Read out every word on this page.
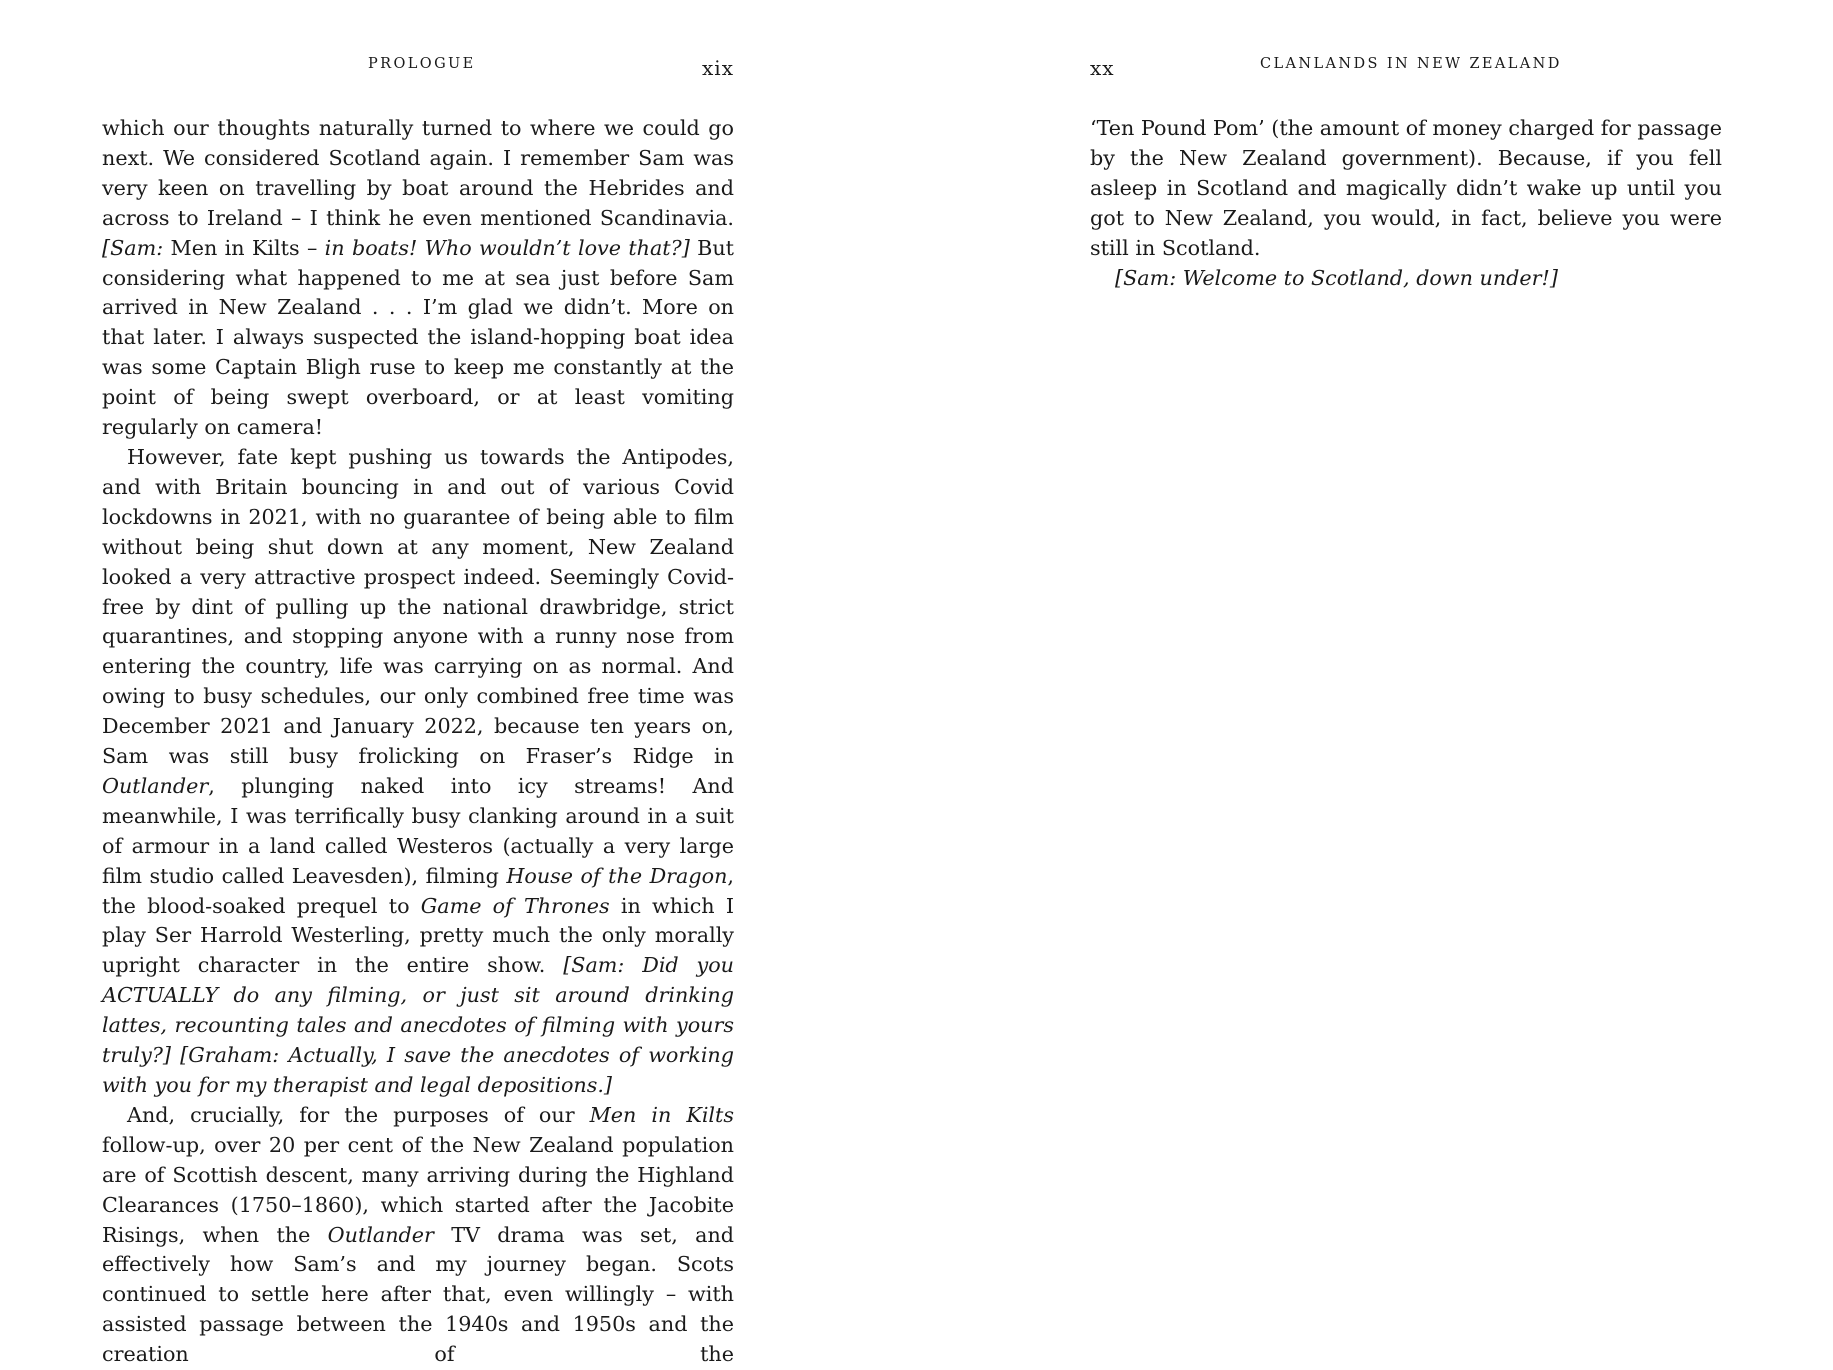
PROLOGUE	xix

which our thoughts naturally turned to where we could go next. We considered Scotland again. I remember Sam was very keen on travelling by boat around the Hebrides and across to Ireland – I think he even mentioned Scandinavia. [Sam: Men in Kilts – in boats! Who wouldn’t love that?] But considering what happened to me at sea just before Sam arrived in New Zealand . . . I’m glad we didn’t. More on that later. I always suspected the island-hopping boat idea was some Captain Bligh ruse to keep me constantly at the point of being swept overboard, or at least vomiting regularly on camera!

However, fate kept pushing us towards the Antipodes, and with Britain bouncing in and out of various Covid lockdowns in 2021, with no guarantee of being able to film without being shut down at any moment, New Zealand looked a very attractive prospect indeed. Seemingly Covid-free by dint of pulling up the national drawbridge, strict quarantines, and stopping anyone with a runny nose from entering the country, life was carrying on as normal. And owing to busy schedules, our only combined free time was December 2021 and January 2022, because ten years on, Sam was still busy frolicking on Fraser’s Ridge in Outlander, plunging naked into icy streams! And meanwhile, I was terrifically busy clanking around in a suit of armour in a land called Westeros (actually a very large film studio called Leavesden), filming House of the Dragon, the blood-soaked prequel to Game of Thrones in which I play Ser Harrold Westerling, pretty much the only morally upright character in the entire show. [Sam: Did you ACTUALLY do any filming, or just sit around drinking lattes, recounting tales and anecdotes of filming with yours truly?] [Graham: Actually, I save the anecdotes of working with you for my therapist and legal depositions.]

And, crucially, for the purposes of our Men in Kilts follow-up, over 20 per cent of the New Zealand population are of Scottish descent, many arriving during the Highland Clearances (1750–1860), which started after the Jacobite Risings, when the Outlander TV drama was set, and effectively how Sam’s and my journey began. Scots continued to settle here after that, even willingly – with assisted passage between the 1940s and 1950s and the creation of the

xx	CLANLANDS IN NEW ZEALAND

‘Ten Pound Pom’ (the amount of money charged for passage by the New Zealand government). Because, if you fell asleep in Scotland and magically didn’t wake up until you got to New Zealand, you would, in fact, believe you were still in Scotland.

[Sam: Welcome to Scotland, down under!]
